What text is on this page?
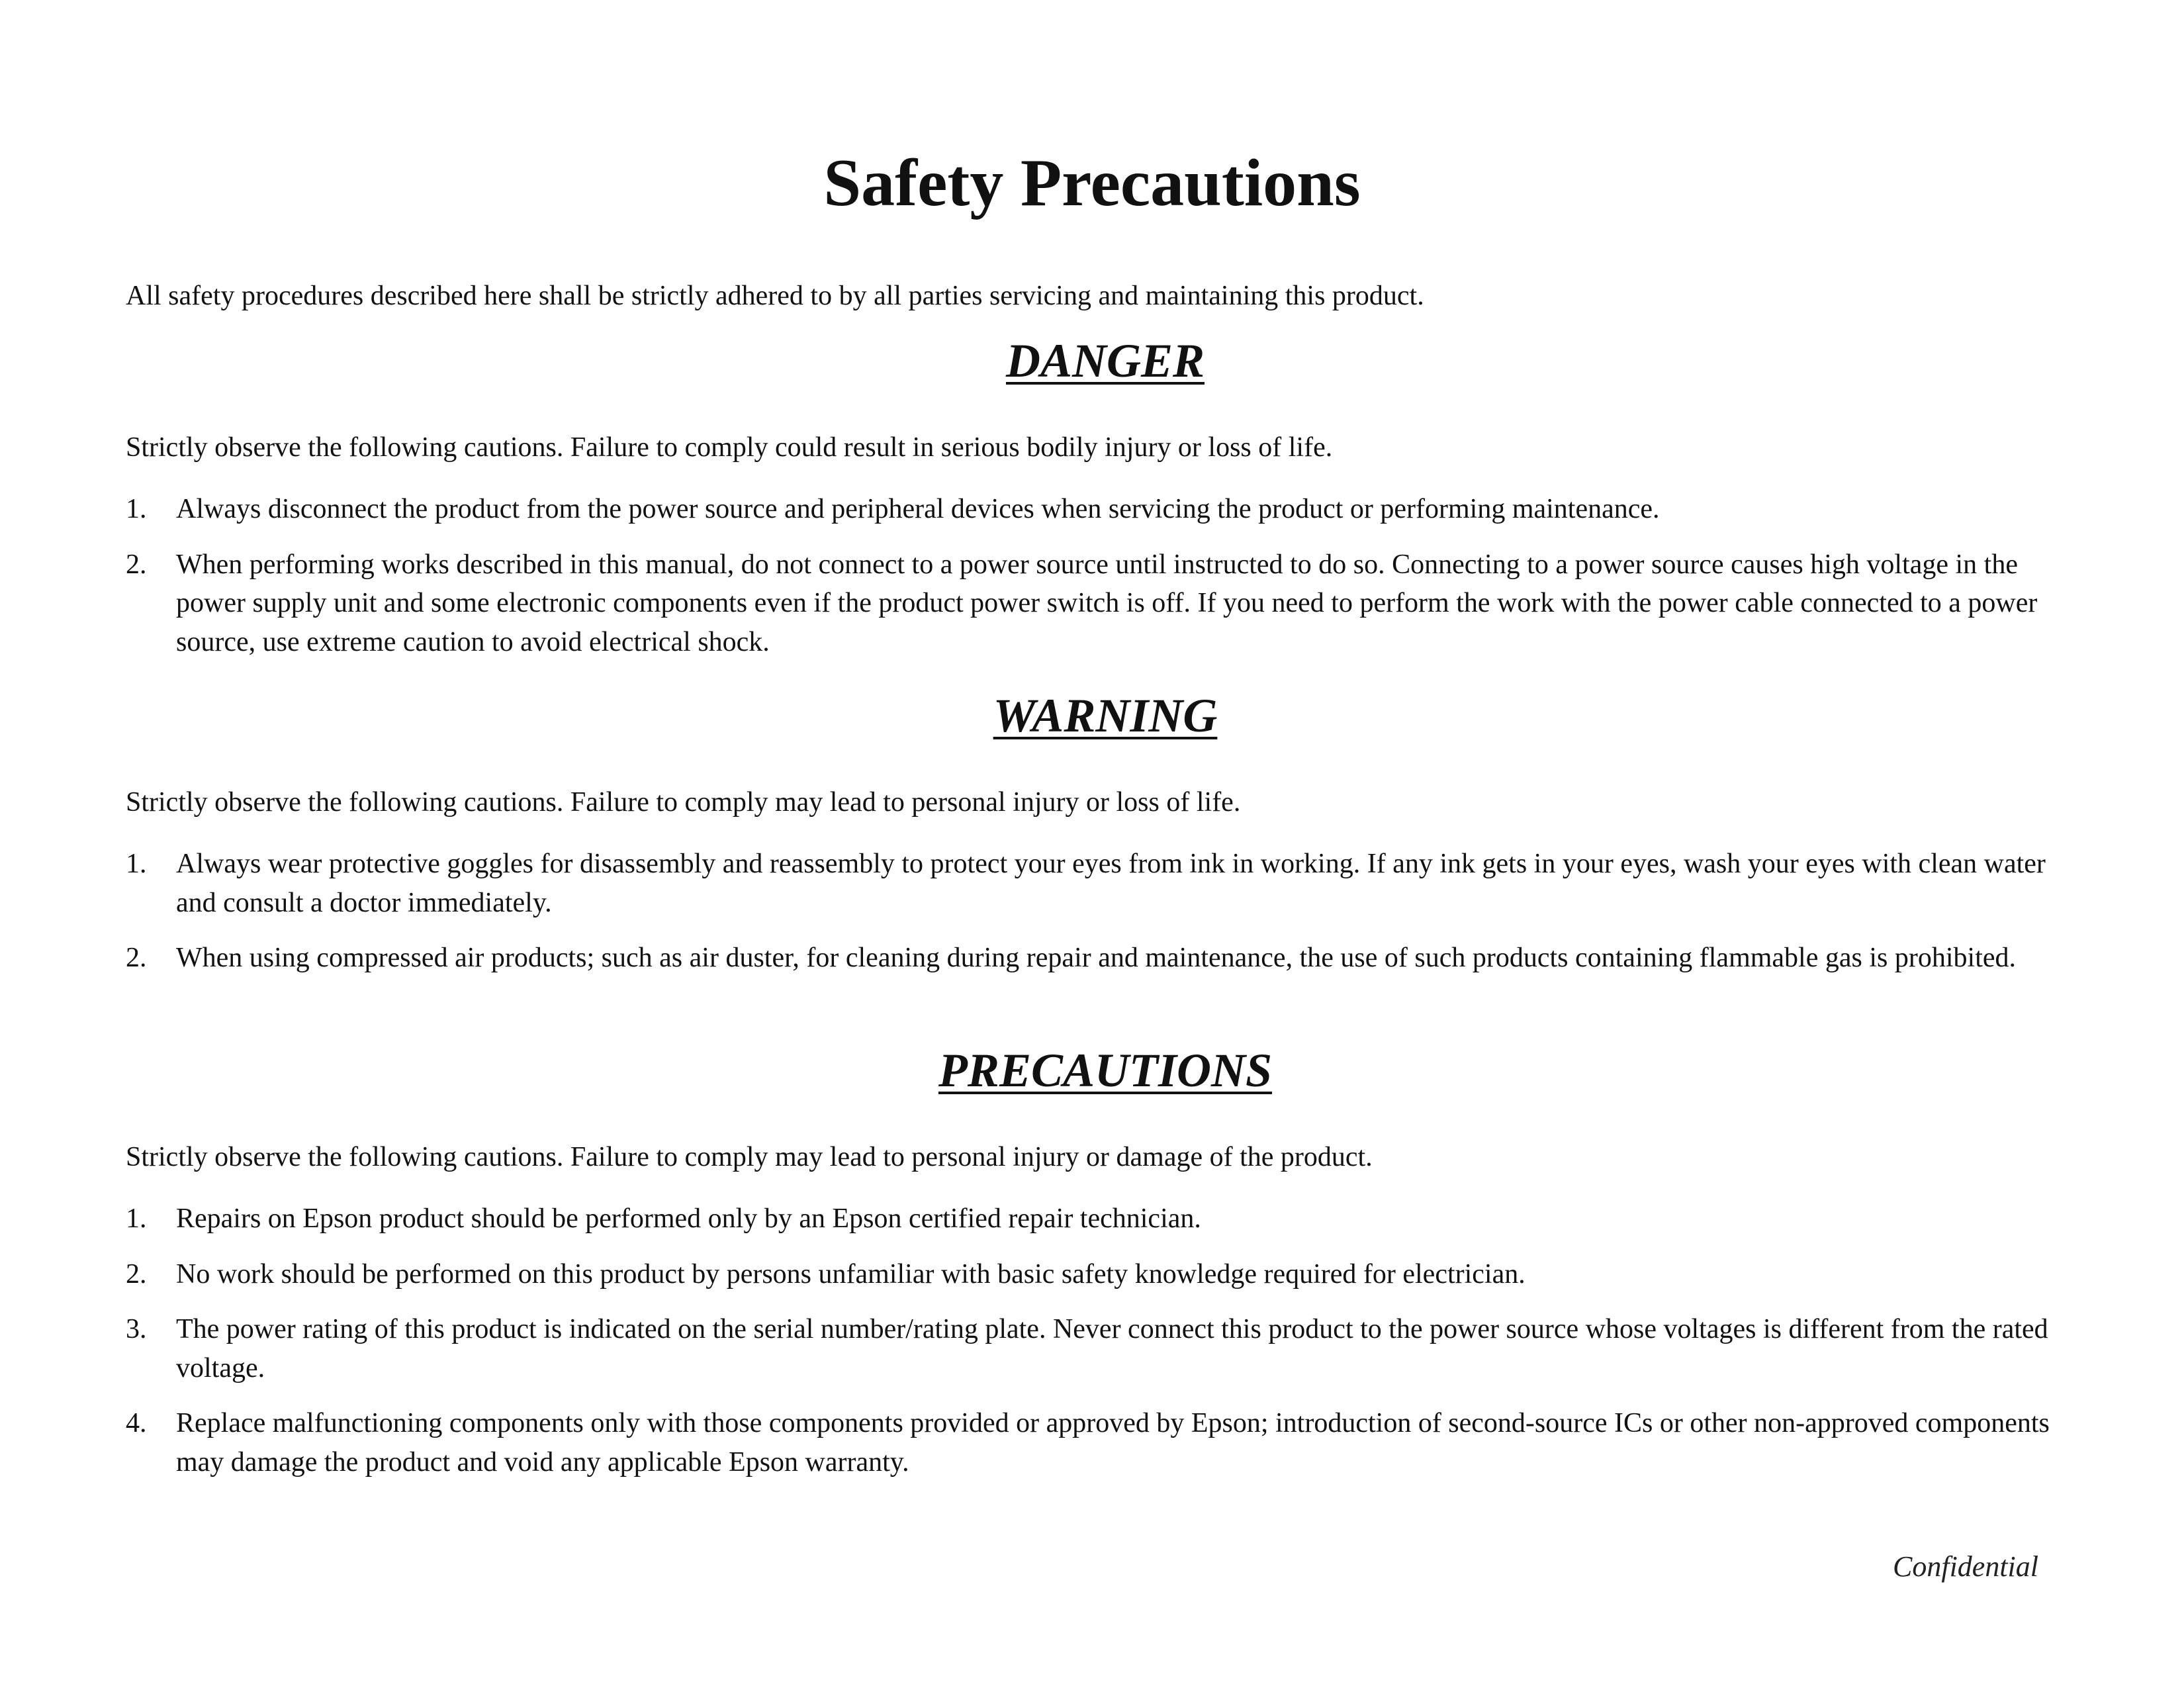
Safety Precautions

All safety procedures described here shall be strictly adhered to by all parties servicing and maintaining this product.

DANGER

Strictly observe the following cautions. Failure to comply could result in serious bodily injury or loss of life.

1. Always disconnect the product from the power source and peripheral devices when servicing the product or performing maintenance.
2. When performing works described in this manual, do not connect to a power source until instructed to do so. Connecting to a power source causes high voltage in the power supply unit and some electronic components even if the product power switch is off. If you need to perform the work with the power cable connected to a power source, use extreme caution to avoid electrical shock.
WARNING

Strictly observe the following cautions. Failure to comply may lead to personal injury or loss of life.

1. Always wear protective goggles for disassembly and reassembly to protect your eyes from ink in working. If any ink gets in your eyes, wash your eyes with clean water and consult a doctor immediately.
2. When using compressed air products; such as air duster, for cleaning during repair and maintenance, the use of such products containing flammable gas is prohibited.
PRECAUTIONS

Strictly observe the following cautions. Failure to comply may lead to personal injury or damage of the product.

1. Repairs on Epson product should be performed only by an Epson certified repair technician.
2. No work should be performed on this product by persons unfamiliar with basic safety knowledge required for electrician.
3. The power rating of this product is indicated on the serial number/rating plate. Never connect this product to the power source whose voltages is different from the rated voltage.
4. Replace malfunctioning components only with those components provided or approved by Epson; introduction of second-source ICs or other non-approved components may damage the product and void any applicable Epson warranty.
Confidential
